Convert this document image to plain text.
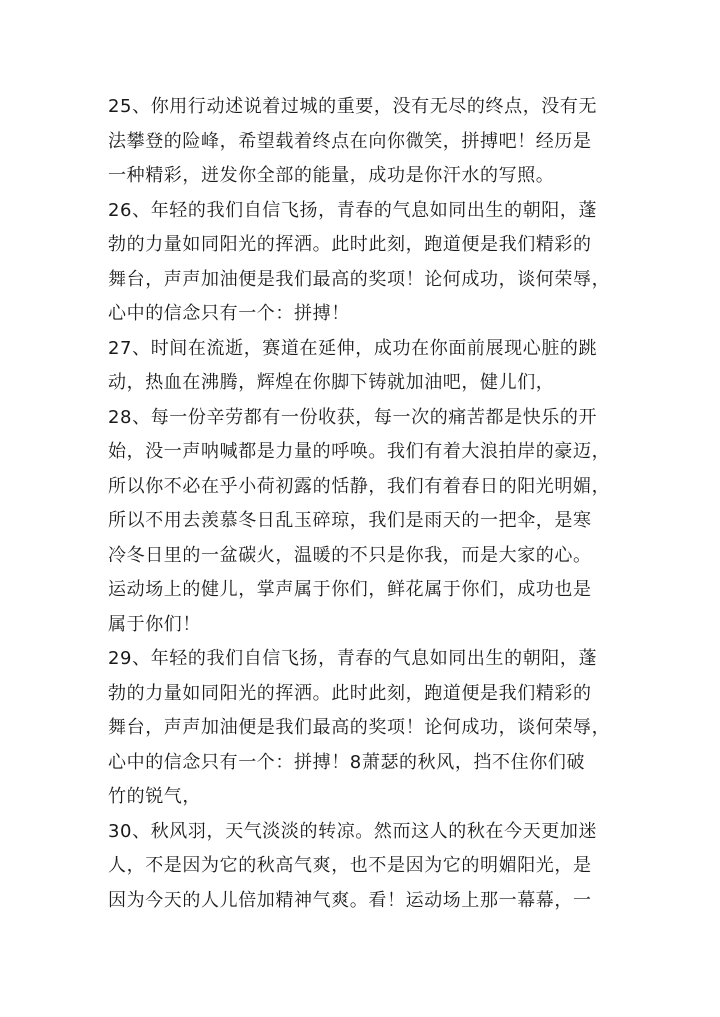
25、你用行动述说着过城的重要，没有无尽的终点，没有无
法攀登的险峰，希望载着终点在向你微笑，拼搏吧！经历是
一种精彩，迸发你全部的能量，成功是你汗水的写照。
26、年轻的我们自信飞扬，青春的气息如同出生的朝阳，蓬
勃的力量如同阳光的挥洒。此时此刻，跑道便是我们精彩的
舞台，声声加油便是我们最高的奖项！论何成功，谈何荣辱，
心中的信念只有一个：拼搏！
27、时间在流逝，赛道在延伸，成功在你面前展现心脏的跳
动，热血在沸腾，辉煌在你脚下铸就加油吧，健儿们，
28、每一份辛劳都有一份收获，每一次的痛苦都是快乐的开
始，没一声呐喊都是力量的呼唤。我们有着大浪拍岸的豪迈，
所以你不必在乎小荷初露的恬静，我们有着春日的阳光明媚，
所以不用去羡慕冬日乱玉碎琼，我们是雨天的一把伞，是寒
冷冬日里的一盆碳火，温暖的不只是你我，而是大家的心。
运动场上的健儿，掌声属于你们，鲜花属于你们，成功也是
属于你们！
29、年轻的我们自信飞扬，青春的气息如同出生的朝阳，蓬
勃的力量如同阳光的挥洒。此时此刻，跑道便是我们精彩的
舞台，声声加油便是我们最高的奖项！论何成功，谈何荣辱，
心中的信念只有一个：拼搏！8萧瑟的秋风，挡不住你们破
竹的锐气，
30、秋风羽，天气淡淡的转凉。然而这人的秋在今天更加迷
人，不是因为它的秋高气爽，也不是因为它的明媚阳光，是
因为今天的人儿倍加精神气爽。看！运动场上那一幕幕，一
